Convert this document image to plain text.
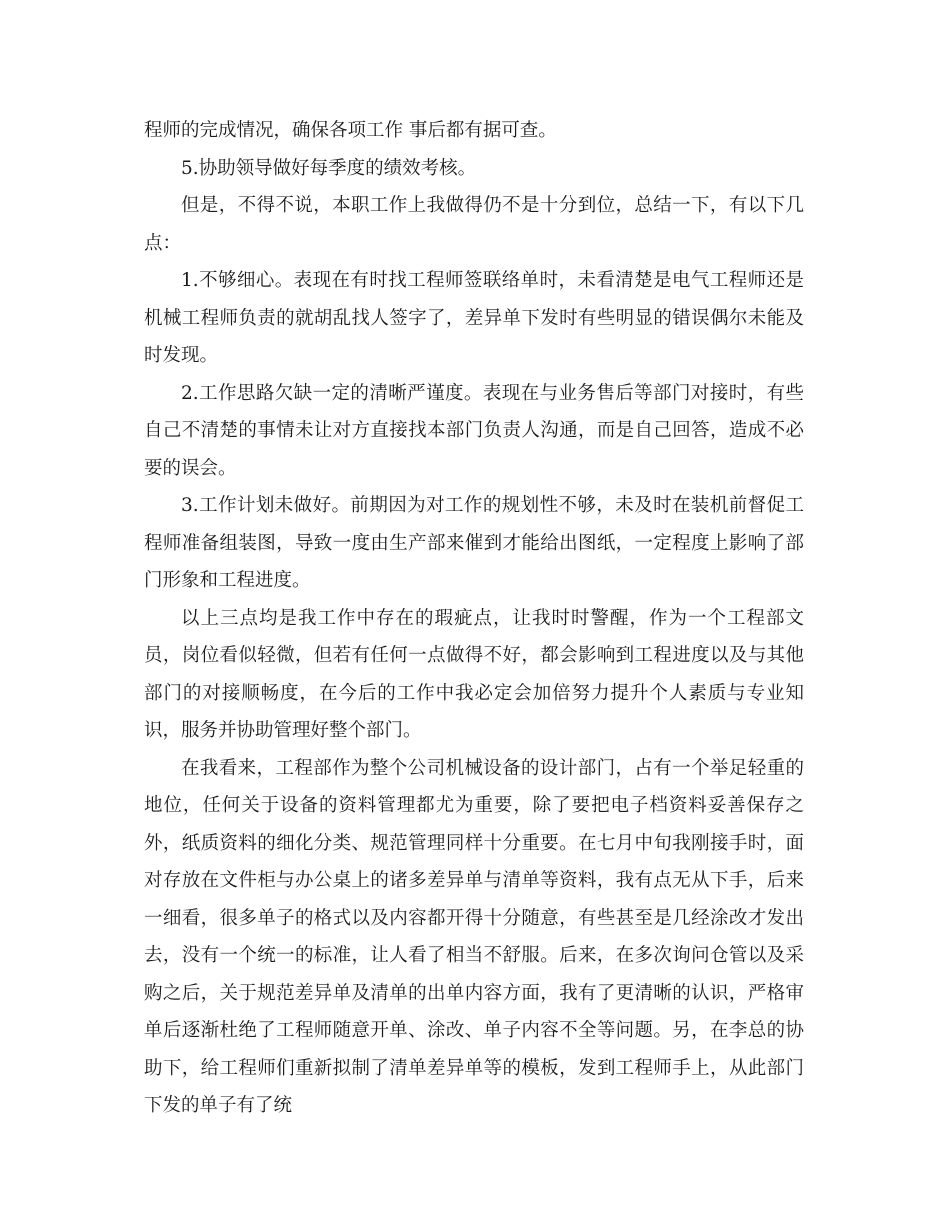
程师的完成情况，确保各项工作 事后都有据可查。

5.协助领导做好每季度的绩效考核。

但是，不得不说，本职工作上我做得仍不是十分到位，总结一下，有以下几点：

1.不够细心。表现在有时找工程师签联络单时，未看清楚是电气工程师还是机械工程师负责的就胡乱找人签字了，差异单下发时有些明显的错误偶尔未能及时发现。

2.工作思路欠缺一定的清晰严谨度。表现在与业务售后等部门对接时，有些自己不清楚的事情未让对方直接找本部门负责人沟通，而是自己回答，造成不必要的误会。

3.工作计划未做好。前期因为对工作的规划性不够，未及时在装机前督促工程师准备组装图，导致一度由生产部来催到才能给出图纸，一定程度上影响了部门形象和工程进度。

以上三点均是我工作中存在的瑕疵点，让我时时警醒，作为一个工程部文员，岗位看似轻微，但若有任何一点做得不好，都会影响到工程进度以及与其他部门的对接顺畅度，在今后的工作中我必定会加倍努力提升个人素质与专业知识，服务并协助管理好整个部门。

在我看来，工程部作为整个公司机械设备的设计部门，占有一个举足轻重的地位，任何关于设备的资料管理都尤为重要，除了要把电子档资料妥善保存之外，纸质资料的细化分类、规范管理同样十分重要。在七月中旬我刚接手时，面对存放在文件柜与办公桌上的诸多差异单与清单等资料，我有点无从下手，后来一细看，很多单子的格式以及内容都开得十分随意，有些甚至是几经涂改才发出去，没有一个统一的标准，让人看了相当不舒服。后来，在多次询问仓管以及采购之后，关于规范差异单及清单的出单内容方面，我有了更清晰的认识，严格审单后逐渐杜绝了工程师随意开单、涂改、单子内容不全等问题。另，在李总的协助下，给工程师们重新拟制了清单差异单等的模板，发到工程师手上，从此部门下发的单子有了统
